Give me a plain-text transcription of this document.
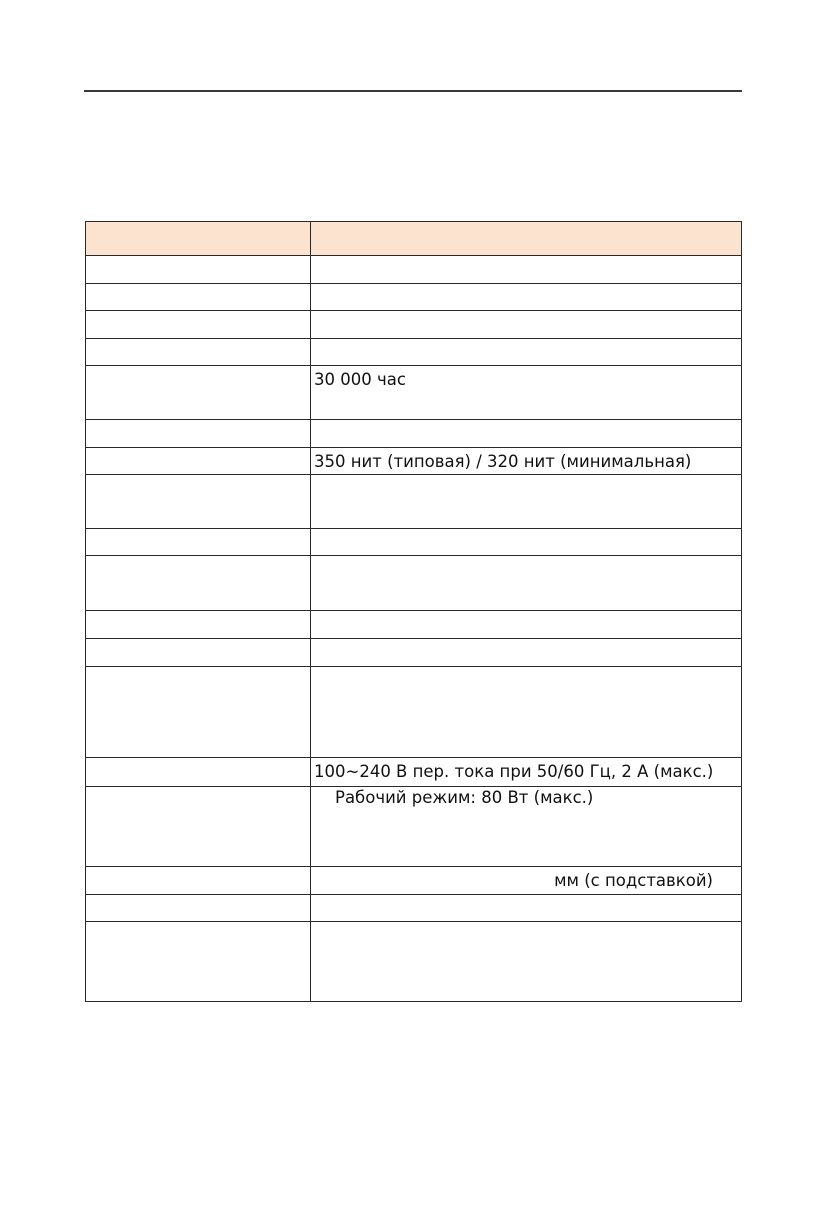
	30 000 час

	350 нит (типовая) / 320 нит (минимальная)

	100~240 В пер. тока при 50/60 Гц, 2 А (макс.)
	Рабочий режим: 80 Вт (макс.)
	мм (с подставкой)
